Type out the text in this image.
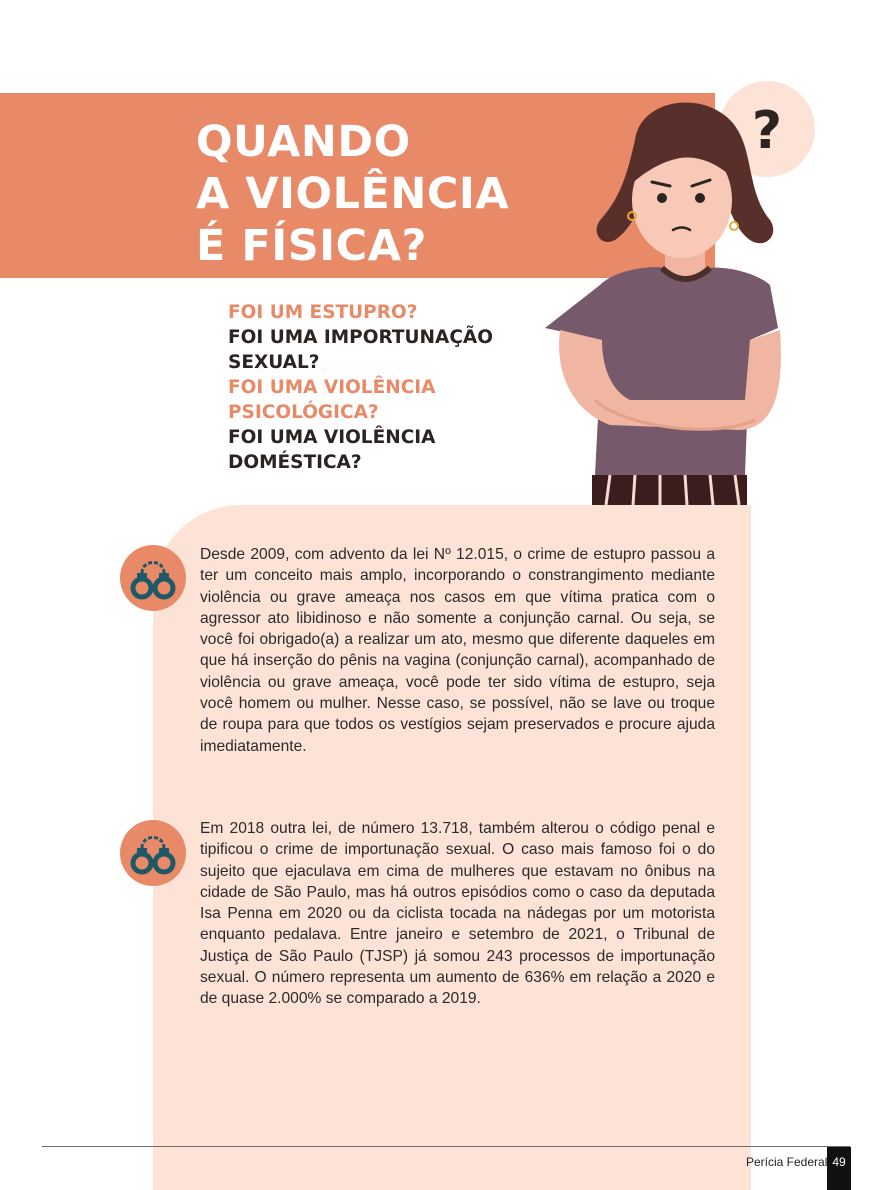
QUANDO
A VIOLÊNCIA
É FÍSICA?
?
FOI UM ESTUPRO?
FOI UMA IMPORTUNAÇÃO
SEXUAL?
FOI UMA VIOLÊNCIA
PSICOLÓGICA?
FOI UMA VIOLÊNCIA
DOMÉSTICA?

Desde 2009, com advento da lei Nº 12.015, o crime de estupro passou a ter um conceito mais amplo, incorporando o constrangimento mediante violência ou grave ameaça nos casos em que vítima pratica com o agressor ato libidinoso e não somente a conjunção carnal. Ou seja, se você foi obrigado(a) a realizar um ato, mesmo que diferente daqueles em que há inserção do pênis na vagina (conjunção carnal), acompanhado de violência ou grave ameaça, você pode ter sido vítima de estupro, seja você homem ou mulher. Nesse caso, se possível, não se lave ou troque de roupa para que todos os vestígios sejam preservados e procure ajuda imediatamente.

Em 2018 outra lei, de número 13.718, também alterou o código penal e tipificou o crime de importunação sexual. O caso mais famoso foi o do sujeito que ejaculava em cima de mulheres que estavam no ônibus na cidade de São Paulo, mas há outros episódios como o caso da deputada Isa Penna em 2020 ou da ciclista tocada na nádegas por um motorista enquanto pedalava. Entre janeiro e setembro de 2021, o Tribunal de Justiça de São Paulo (TJSP) já somou 243 processos de importunação sexual. O número representa um aumento de 636% em relação a 2020 e de quase 2.000% se comparado a 2019.

Perícia Federal 49
